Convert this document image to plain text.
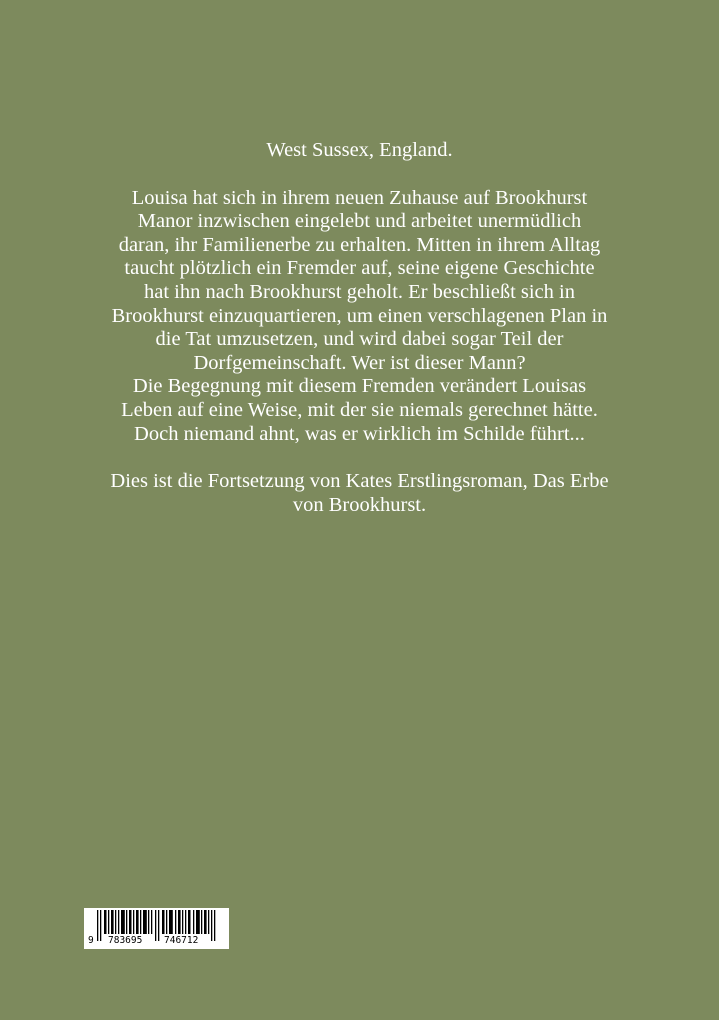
West Sussex, England.

Louisa hat sich in ihrem neuen Zuhause auf Brookhurst

Manor inzwischen eingelebt und arbeitet unermüdlich

daran, ihr Familienerbe zu erhalten. Mitten in ihrem Alltag

taucht plötzlich ein Fremder auf, seine eigene Geschichte

hat ihn nach Brookhurst geholt. Er beschließt sich in

Brookhurst einzuquartieren, um einen verschlagenen Plan in

die Tat umzusetzen, und wird dabei sogar Teil der

Dorfgemeinschaft. Wer ist dieser Mann?

Die Begegnung mit diesem Fremden verändert Louisas

Leben auf eine Weise, mit der sie niemals gerechnet hätte.

Doch niemand ahnt, was er wirklich im Schilde führt...

Dies ist die Fortsetzung von Kates Erstlingsroman, Das Erbe

von Brookhurst.

9 783695 746712
